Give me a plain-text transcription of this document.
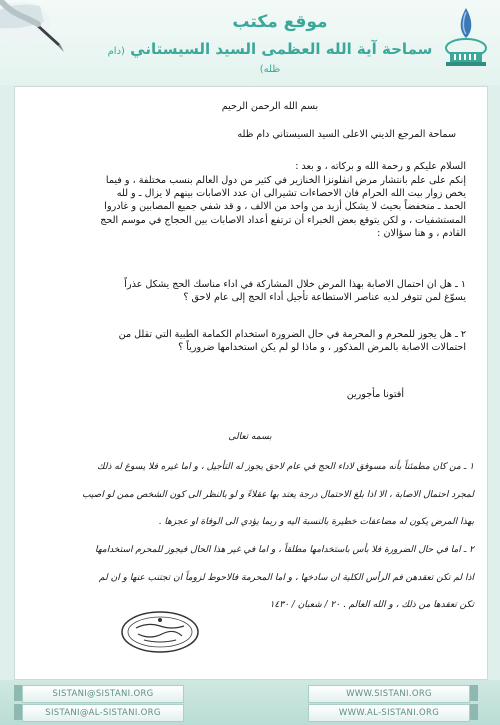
موقع مكتب
سماحة آية الله العظمى السيد السيستاني (دام ظله)
بسم الله الرحمن الرحيم
سماحة المرجع الديني الاعلى السيد السيستاني دام ظله
السلام عليكم و رحمة الله و بركاته ، و بعد :
إنكم على علم بانتشار مرض انفلونزا الخنازير في كثير من دول العالم بنسب مختلفة ، و فيما
يخص زوار بيت الله الحرام فان الاحصاءات تشيرالى ان عدد الاصابات بينهم لا يزال ـ و لله
الحمد ـ منخفضاً بحيث لا يشكل أزيد من واحد من الالف ، و قد شفي جميع المصابين و غادروا
المستشفيات ، و لكن يتوقع بعض الخبراء أن ترتفع أعداد الاصابات بين الحجاج في موسم الحج
القادم ، و هنا سؤالان :
١ ـ هل ان احتمال الاصابة بهذا المرض خلال المشاركة في اداء مناسك الحج يشكل عذراً
يسوّغ لمن تتوفر لديه عناصر الاستطاعة تأجيل أداء الحج إلى عام لاحق ؟
٢ ـ هل يجوز للمحرم و المحرمة في حال الضرورة استخدام الكمامة الطبية التي تقلل من
احتمالات الاصابة بالمرض المذكور ، و ماذا لو لم يكن استخدامها ضرورياً ؟
أفتونا مأجورين
بسمه تعالى
١ ـ من كان مطمئناً بأنه مسوفق لاداء الحج في عام لاحق يجوز له التأجيل ، و اما غيره فلا يسوغ له ذلك
لمجرد احتمال الاصابة ، الا اذا بلغ الاحتمال درجة يعتد بها عقلاءً و لو بالنظر الى كون الشخص ممن لو اصيب
بهذا المرض يكون له مضاعفات خطيرة بالنسبة اليه و ربما يؤدي الى الوفاة او عجزها .
٢ ـ اما في حال الضرورة فلا بأس باستخدامها مطلقاً ، و اما في غير هذا الحال فيجوز للمحرم استخدامها
اذا لم تكن تعقدهن فم الرأس الكلية ان سادخها ، و اما المحرمة فالاحوط لزوماً ان تجتنب عنها و ان لم
تكن تعقدها من ذلك ، و الله العالم . ٢٠ / شعبان / ١٤٣٠
SISTANI@SISTANI.ORG
SISTANI@AL-SISTANI.ORG
WWW.SISTANI.ORG
WWW.AL-SISTANI.ORG
